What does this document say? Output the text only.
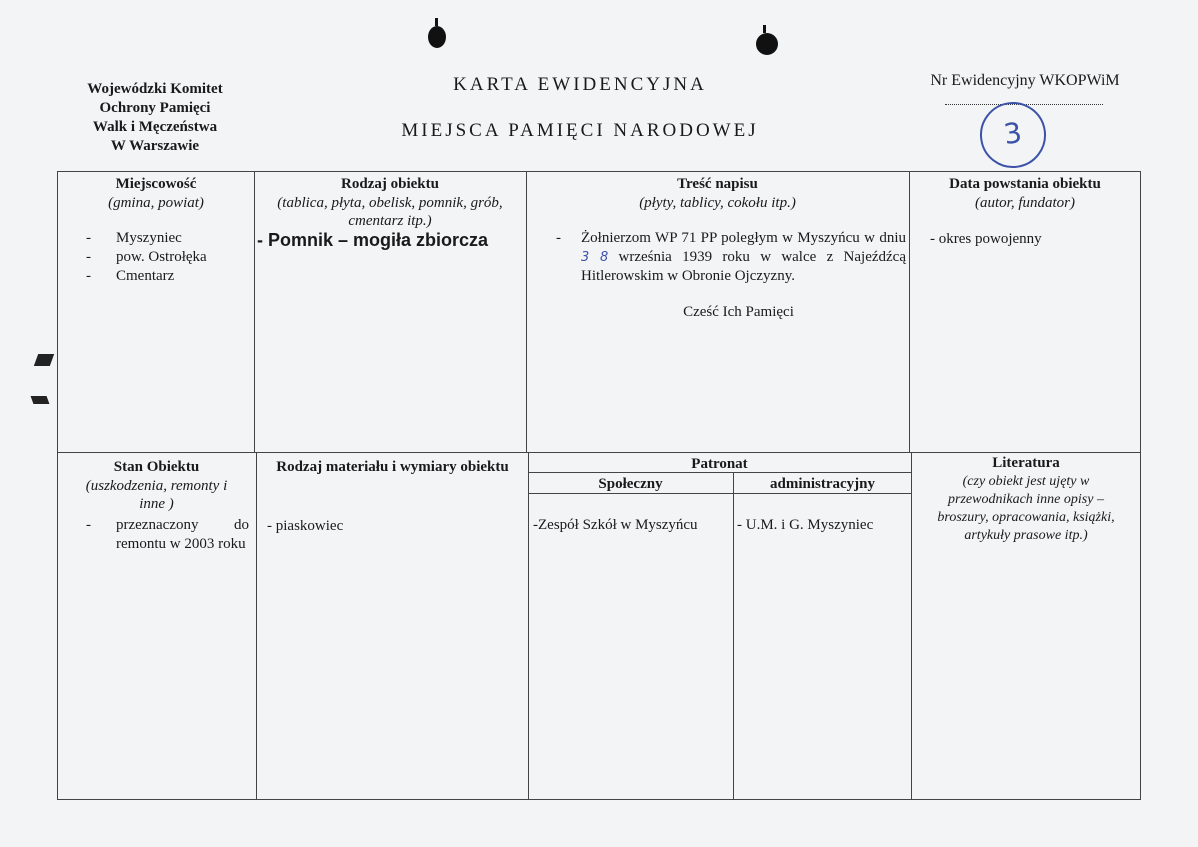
Wojewódzki Komitet
Ochrony Pamięci
Walk i Męczeństwa
W Warszawie
KARTA EWIDENCYJNA
MIEJSCA PAMIĘCI NARODOWEJ
Nr Ewidencyjny WKOPWiM
3
Miejscowość
(gmina, powiat)
- Myszyniec
- pow. Ostrołęka
- Cmentarz
Rodzaj obiektu
(tablica, płyta, obelisk, pomnik, grób, cmentarz itp.)
- Pomnik – mogiła zbiorcza
Treść napisu
(płyty, tablicy, cokołu itp.)
- Żołnierzom WP 71 PP poległym w Myszyńcu w dniu 3 8 września 1939 roku w walce z Najeźdźcą Hitlerowskim w Obronie Ojczyzny.
Cześć Ich Pamięci
Data powstania obiektu
(autor, fundator)
- okres powojenny
Stan Obiektu
(uszkodzenia, remonty i inne )
- przeznaczony do remontu w 2003 roku
Rodzaj materiału i wymiary obiektu
- piaskowiec
Patronat
Społeczny	administracyjny
-Zespół Szkół w Myszyńcu	- U.M. i G. Myszyniec
Literatura
(czy obiekt jest ujęty w przewodnikach inne opisy – broszury, opracowania, książki, artykuły prasowe itp.)
